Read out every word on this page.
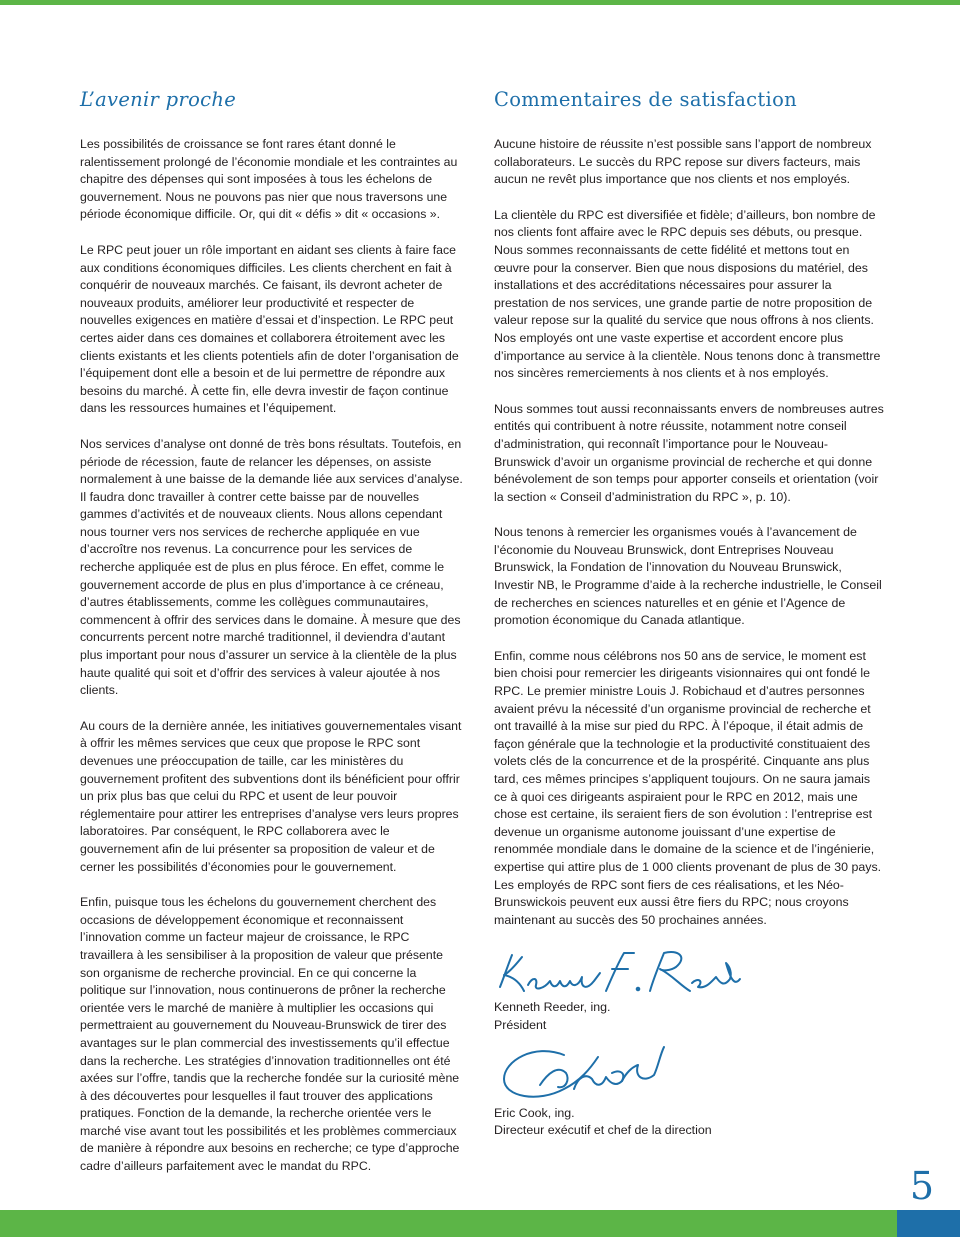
L’avenir proche

Les possibilités de croissance se font rares étant donné le ralentissement prolongé de l’économie mondiale et les contraintes au chapitre des dépenses qui sont imposées à tous les échelons de gouvernement. Nous ne pouvons pas nier que nous traversons une période économique difficile. Or, qui dit « défis » dit « occasions ».

Le RPC peut jouer un rôle important en aidant ses clients à faire face aux conditions économiques difficiles. Les clients cherchent en fait à conquérir de nouveaux marchés. Ce faisant, ils devront acheter de nouveaux produits, améliorer leur productivité et respecter de nouvelles exigences en matière d’essai et d’inspection. Le RPC peut certes aider dans ces domaines et collaborera étroitement avec les clients existants et les clients potentiels afin de doter l’organisation de l’équipement dont elle a besoin et de lui permettre de répondre aux besoins du marché. À cette fin, elle devra investir de façon continue dans les ressources humaines et l’équipement.

Nos services d’analyse ont donné de très bons résultats. Toutefois, en période de récession, faute de relancer les dépenses, on assiste normalement à une baisse de la demande liée aux services d’analyse. Il faudra donc travailler à contrer cette baisse par de nouvelles gammes d’activités et de nouveaux clients. Nous allons cependant nous tourner vers nos services de recherche appliquée en vue d’accroître nos revenus. La concurrence pour les services de recherche appliquée est de plus en plus féroce. En effet, comme le gouvernement accorde de plus en plus d’importance à ce créneau, d’autres établissements, comme les collègues communautaires, commencent à offrir des services dans le domaine. À mesure que des concurrents percent notre marché traditionnel, il deviendra d’autant plus important pour nous d’assurer un service à la clientèle de la plus haute qualité qui soit et d’offrir des services à valeur ajoutée à nos clients.

Au cours de la dernière année, les initiatives gouvernementales visant à offrir les mêmes services que ceux que propose le RPC sont devenues une préoccupation de taille, car les ministères du gouvernement profitent des subventions dont ils bénéficient pour offrir un prix plus bas que celui du RPC et usent de leur pouvoir réglementaire pour attirer les entreprises d’analyse vers leurs propres laboratoires. Par conséquent, le RPC collaborera avec le gouvernement afin de lui présenter sa proposition de valeur et de cerner les possibilités d’économies pour le gouvernement.

Enfin, puisque tous les échelons du gouvernement cherchent des occasions de développement économique et reconnaissent l’innovation comme un facteur majeur de croissance, le RPC travaillera à les sensibiliser à la proposition de valeur que présente son organisme de recherche provincial. En ce qui concerne la politique sur l’innovation, nous continuerons de prôner la recherche orientée vers le marché de manière à multiplier les occasions qui permettraient au gouvernement du Nouveau-Brunswick de tirer des avantages sur le plan commercial des investissements qu’il effectue dans la recherche. Les stratégies d’innovation traditionnelles ont été axées sur l’offre, tandis que la recherche fondée sur la curiosité mène à des découvertes pour lesquelles il faut trouver des applications pratiques. Fonction de la demande, la recherche orientée vers le marché vise avant tout les possibilités et les problèmes commerciaux de manière à répondre aux besoins en recherche; ce type d’approche cadre d’ailleurs parfaitement avec le mandat du RPC.

Commentaires de satisfaction

Aucune histoire de réussite n’est possible sans l’apport de nombreux collaborateurs. Le succès du RPC repose sur divers facteurs, mais aucun ne revêt plus importance que nos clients et nos employés.

La clientèle du RPC est diversifiée et fidèle; d’ailleurs, bon nombre de nos clients font affaire avec le RPC depuis ses débuts, ou presque. Nous sommes reconnaissants de cette fidélité et mettons tout en œuvre pour la conserver. Bien que nous disposions du matériel, des installations et des accréditations nécessaires pour assurer la prestation de nos services, une grande partie de notre proposition de valeur repose sur la qualité du service que nous offrons à nos clients. Nos employés ont une vaste expertise et accordent encore plus d’importance au service à la clientèle. Nous tenons donc à transmettre nos sincères remerciements à nos clients et à nos employés.

Nous sommes tout aussi reconnaissants envers de nombreuses autres entités qui contribuent à notre réussite, notamment notre conseil d’administration, qui reconnaît l’importance pour le Nouveau-Brunswick d’avoir un organisme provincial de recherche et qui donne bénévolement de son temps pour apporter conseils et orientation (voir la section « Conseil d’administration du RPC », p. 10).

Nous tenons à remercier les organismes voués à l’avancement de l’économie du Nouveau Brunswick, dont Entreprises Nouveau Brunswick, la Fondation de l’innovation du Nouveau Brunswick, Investir NB, le Programme d’aide à la recherche industrielle, le Conseil de recherches en sciences naturelles et en génie et l’Agence de promotion économique du Canada atlantique.

Enfin, comme nous célébrons nos 50 ans de service, le moment est bien choisi pour remercier les dirigeants visionnaires qui ont fondé le RPC. Le premier ministre Louis J. Robichaud et d’autres personnes avaient prévu la nécessité d’un organisme provincial de recherche et ont travaillé à la mise sur pied du RPC. À l’époque, il était admis de façon générale que la technologie et la productivité constituaient des volets clés de la concurrence et de la prospérité. Cinquante ans plus tard, ces mêmes principes s’appliquent toujours. On ne saura jamais ce à quoi ces dirigeants aspiraient pour le RPC en 2012, mais une chose est certaine, ils seraient fiers de son évolution : l’entreprise est devenue un organisme autonome jouissant d’une expertise de renommée mondiale dans le domaine de la science et de l’ingénierie, expertise qui attire plus de 1 000 clients provenant de plus de 30 pays. Les employés de RPC sont fiers de ces réalisations, et les Néo-Brunswickois peuvent eux aussi être fiers du RPC; nous croyons maintenant au succès des 50 prochaines années.

Kenneth Reeder, ing.

Président

Eric Cook, ing.

Directeur exécutif et chef de la direction

5
